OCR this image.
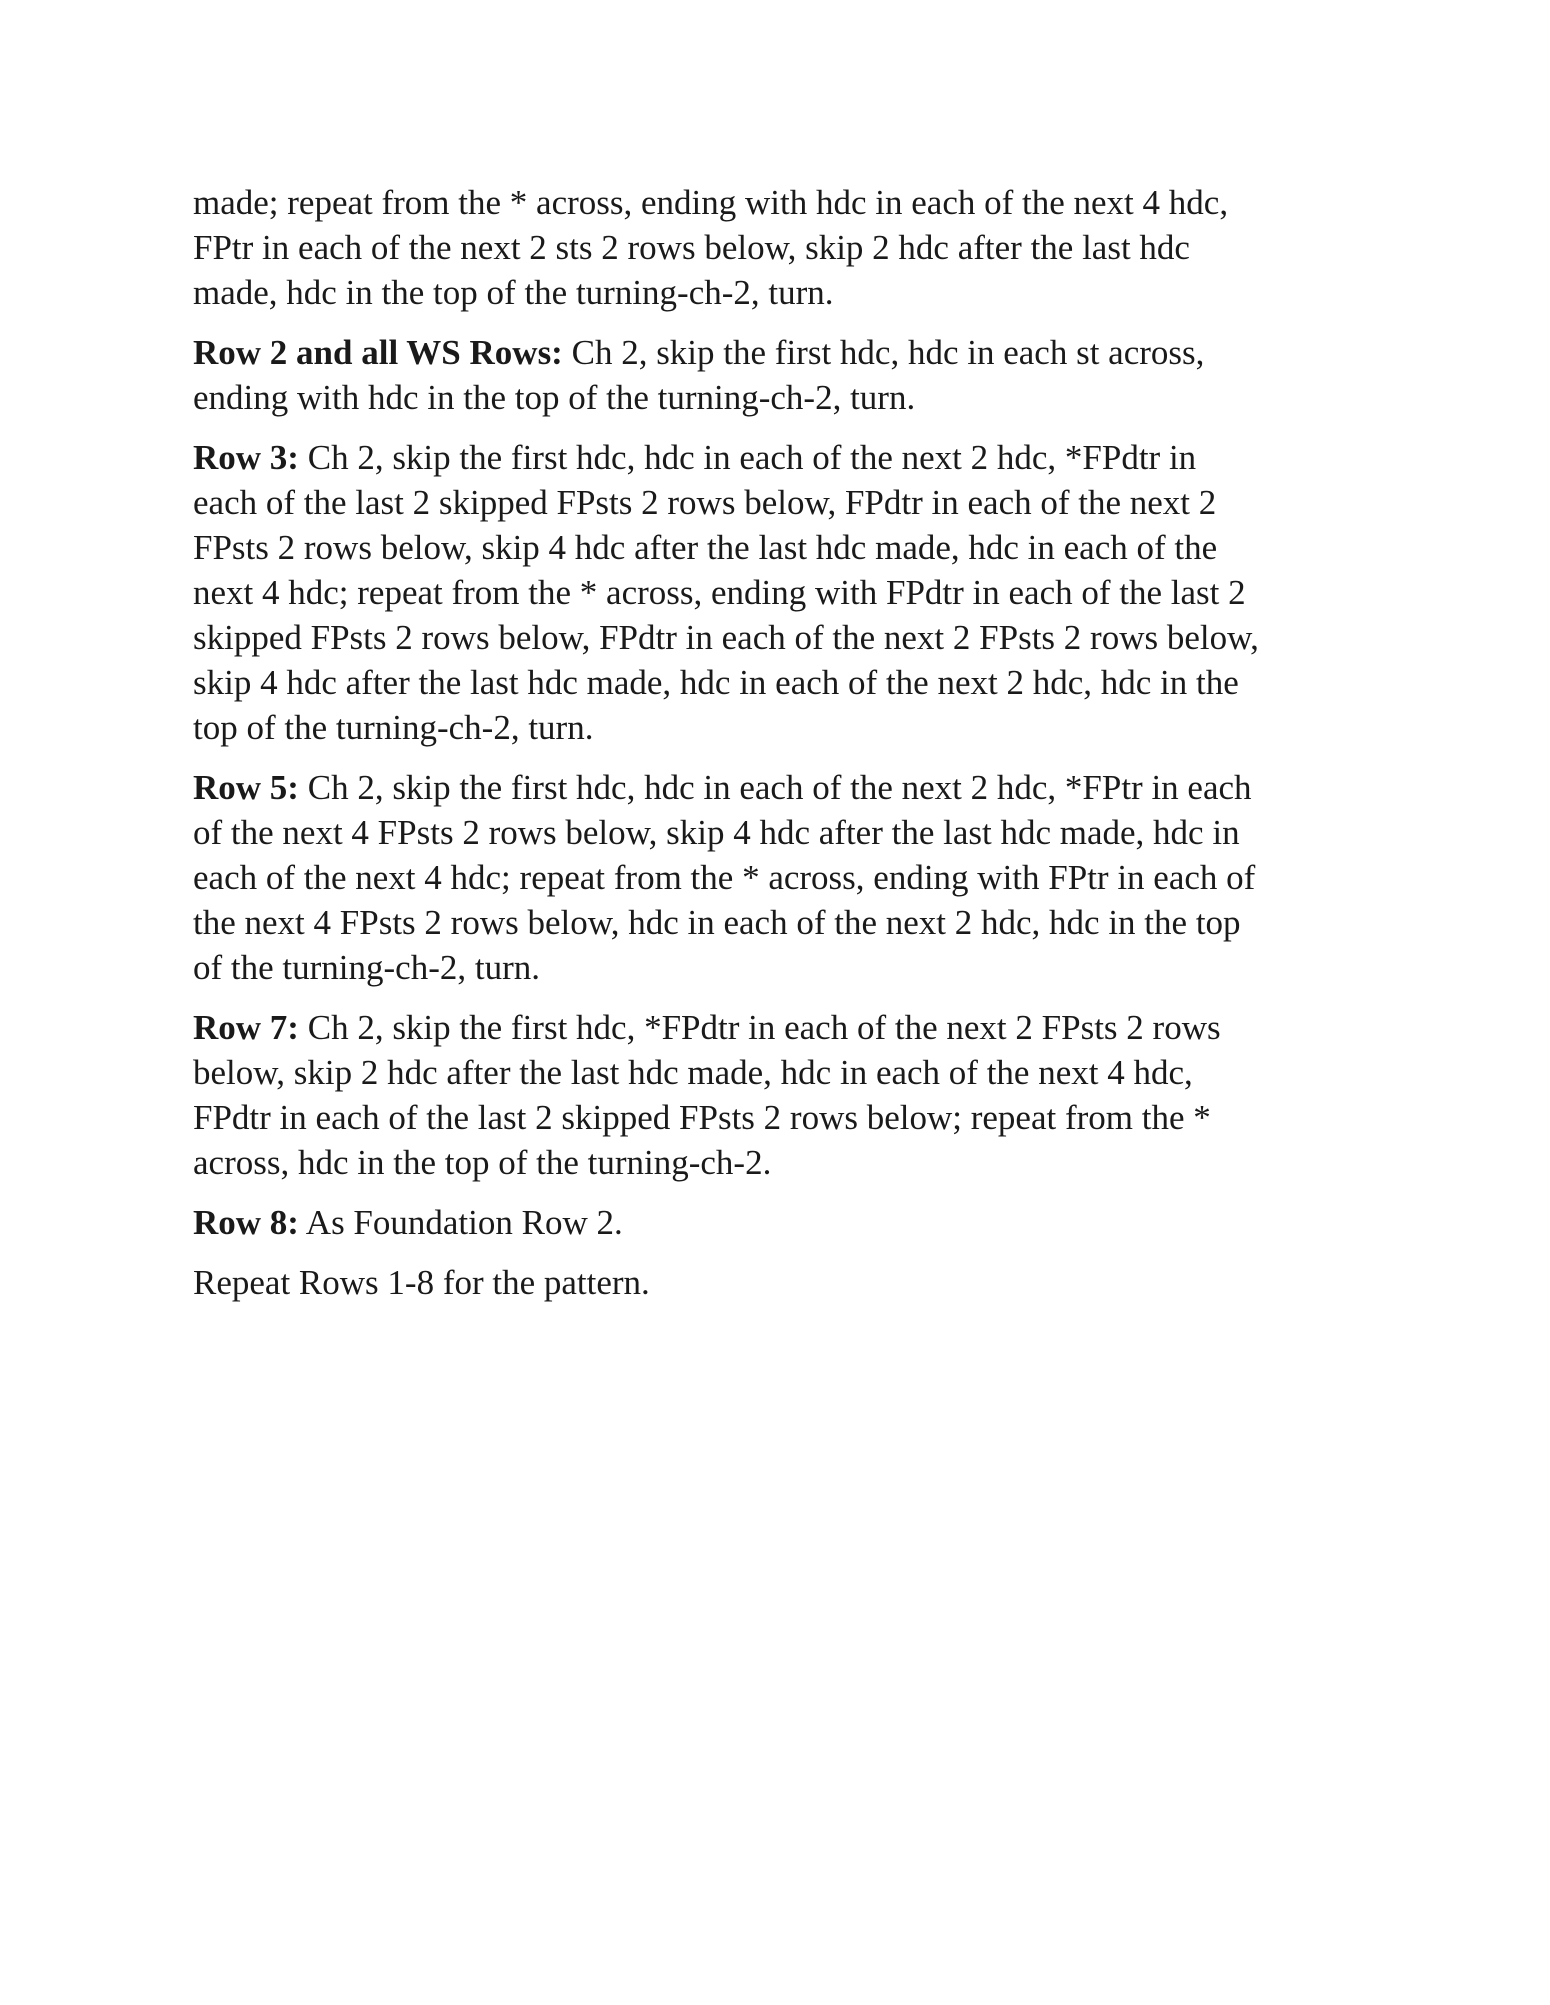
made; repeat from the * across, ending with hdc in each of the next 4 hdc,
FPtr in each of the next 2 sts 2 rows below, skip 2 hdc after the last hdc
made, hdc in the top of the turning-ch-2, turn.

Row 2 and all WS Rows: Ch 2, skip the first hdc, hdc in each st across,
ending with hdc in the top of the turning-ch-2, turn.

Row 3: Ch 2, skip the first hdc, hdc in each of the next 2 hdc, *FPdtr in
each of the last 2 skipped FPsts 2 rows below, FPdtr in each of the next 2
FPsts 2 rows below, skip 4 hdc after the last hdc made, hdc in each of the
next 4 hdc; repeat from the * across, ending with FPdtr in each of the last 2
skipped FPsts 2 rows below, FPdtr in each of the next 2 FPsts 2 rows below,
skip 4 hdc after the last hdc made, hdc in each of the next 2 hdc, hdc in the
top of the turning-ch-2, turn.

Row 5: Ch 2, skip the first hdc, hdc in each of the next 2 hdc, *FPtr in each
of the next 4 FPsts 2 rows below, skip 4 hdc after the last hdc made, hdc in
each of the next 4 hdc; repeat from the * across, ending with FPtr in each of
the next 4 FPsts 2 rows below, hdc in each of the next 2 hdc, hdc in the top
of the turning-ch-2, turn.

Row 7: Ch 2, skip the first hdc, *FPdtr in each of the next 2 FPsts 2 rows
below, skip 2 hdc after the last hdc made, hdc in each of the next 4 hdc,
FPdtr in each of the last 2 skipped FPsts 2 rows below; repeat from the *
across, hdc in the top of the turning-ch-2.

Row 8: As Foundation Row 2.

Repeat Rows 1-8 for the pattern.
